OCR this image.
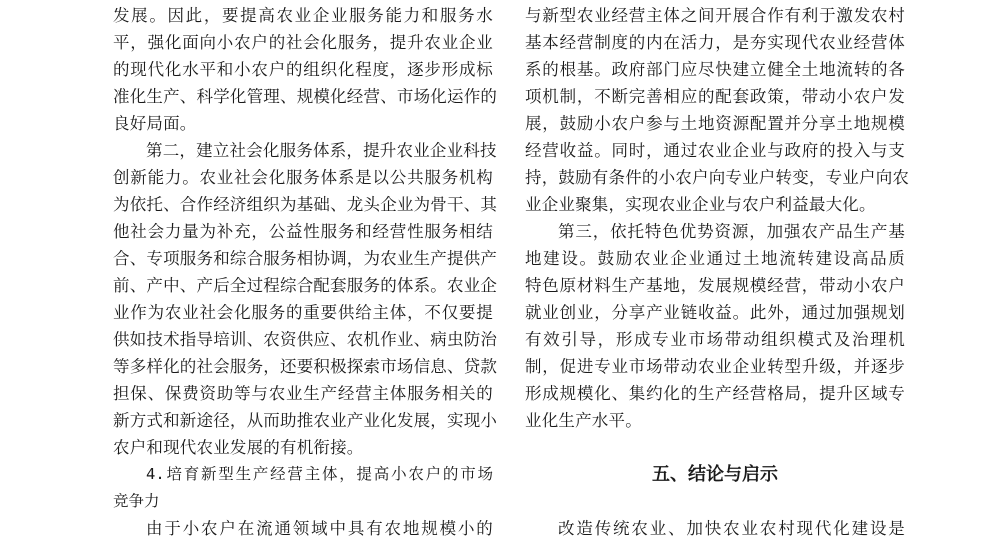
发展。因此，要提高农业企业服务能力和服务水
平，强化面向小农户的社会化服务，提升农业企业
的现代化水平和小农户的组织化程度，逐步形成标
准化生产、科学化管理、规模化经营、市场化运作的
良好局面。
第二，建立社会化服务体系，提升农业企业科技
创新能力。农业社会化服务体系是以公共服务机构
为依托、合作经济组织为基础、龙头企业为骨干、其
他社会力量为补充，公益性服务和经营性服务相结
合、专项服务和综合服务相协调，为农业生产提供产
前、产中、产后全过程综合配套服务的体系。农业企
业作为农业社会化服务的重要供给主体，不仅要提
供如技术指导培训、农资供应、农机作业、病虫防治
等多样化的社会服务，还要积极探索市场信息、贷款
担保、保费资助等与农业生产经营主体服务相关的
新方式和新途径，从而助推农业产业化发展，实现小
农户和现代农业发展的有机衔接。
4.培育新型生产经营主体，提高小农户的市场
竞争力
由于小农户在流通领域中具有农地规模小的
与新型农业经营主体之间开展合作有利于激发农村
基本经营制度的内在活力，是夯实现代农业经营体
系的根基。政府部门应尽快建立健全土地流转的各
项机制，不断完善相应的配套政策，带动小农户发
展，鼓励小农户参与土地资源配置并分享土地规模
经营收益。同时，通过农业企业与政府的投入与支
持，鼓励有条件的小农户向专业户转变，专业户向农
业企业聚集，实现农业企业与农户利益最大化。
第三，依托特色优势资源，加强农产品生产基
地建设。鼓励农业企业通过土地流转建设高品质
特色原材料生产基地，发展规模经营，带动小农户
就业创业，分享产业链收益。此外，通过加强规划
有效引导，形成专业市场带动组织模式及治理机
制，促进专业市场带动农业企业转型升级，并逐步
形成规模化、集约化的生产经营格局，提升区域专
业化生产水平。
五、结论与启示
改造传统农业、加快农业农村现代化建设是
